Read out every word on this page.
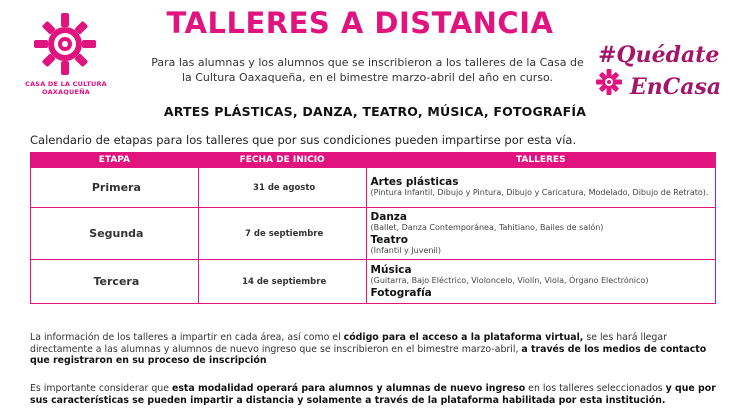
CASA DE LA CULTURA
OAXAQUEÑA
TALLERES A DISTANCIA
Para las alumnas y los alumnos que se inscribieron a los talleres de la Casa de la Cultura Oaxaqueña, en el bimestre marzo-abril del año en curso.
ARTES PLÁSTICAS, DANZA, TEATRO, MÚSICA, FOTOGRAFÍA
#Quédate
EnCasa
Calendario de etapas para los talleres que por sus condiciones pueden impartirse por esta vía.
ETAPA	FECHA DE INICIO	TALLERES
Primera	31 de agosto	Artes plásticas
(Pintura Infantil, Dibujo y Pintura, Dibujo y Caricatura, Modelado, Dibujo de Retrato).

Segunda	7 de septiembre	Danza
(Ballet, Danza Contemporánea, Tahitiano, Bailes de salón)
Teatro
(Infantil y Juvenil)

Tercera	14 de septiembre	Música
(Guitarra, Bajo Eléctrico, Violoncelo, Violín, Viola, Órgano Electrónico)
Fotografía
La información de los talleres a impartir en cada área, así como el código para el acceso a la plataforma virtual, se les hará llegar directamente a las alumnas y alumnos de nuevo ingreso que se inscribieron en el bimestre marzo-abril, a través de los medios de contacto que registraron en su proceso de inscripción
Es importante considerar que esta modalidad operará para alumnos y alumnas de nuevo ingreso en los talleres seleccionados y que por sus características se pueden impartir a distancia y solamente a través de la plataforma habilitada por esta institución.
